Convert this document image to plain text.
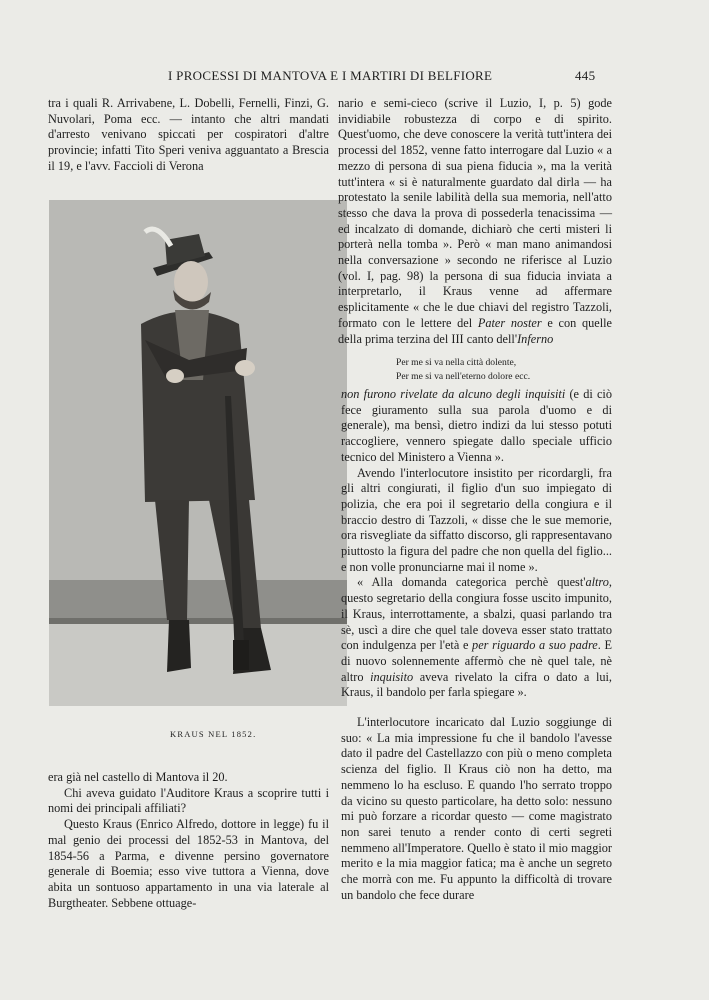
I PROCESSI DI MANTOVA E I MARTIRI DI BELFIORE	445

tra i quali R. Arrivabene, L. Dobelli, Fernelli, Finzi, G. Nuvolari, Poma ecc. — intanto che altri mandati d'arresto venivano spiccati per cospiratori d'altre provincie; infatti Tito Speri veniva agguantato a Brescia il 19, e l'avv. Faccioli di Verona

KRAUS NEL 1852.

era già nel castello di Mantova il 20.

Chi aveva guidato l'Auditore Kraus a scoprire tutti i nomi dei principali affiliati?

Questo Kraus (Enrico Alfredo, dottore in legge) fu il mal genio dei processi del 1852-53 in Mantova, del 1854-56 a Parma, e divenne persino governatore generale di Boemia; esso vive tuttora a Vienna, dove abita un sontuoso appartamento in una via laterale al Burgtheater. Sebbene ottuage-

nario e semi-cieco (scrive il Luzio, I, p. 5) gode invidiabile robustezza di corpo e di spirito. Quest'uomo, che deve conoscere la verità tutt'intera dei processi del 1852, venne fatto interrogare dal Luzio « a mezzo di persona di sua piena fiducia », ma la verità tutt'intera « si è naturalmente guardato dal dirla — ha protestato la senile labilità della sua memoria, nell'atto stesso che dava la prova di possederla tenacissima — ed incalzato di domande, dichiarò che certi misteri li porterà nella tomba ». Però « man mano animandosi nella conversazione » secondo ne riferisce al Luzio (vol. I, pag. 98) la persona di sua fiducia inviata a interpretarlo, il Kraus venne ad affermare esplicitamente « che le due chiavi del registro Tazzoli, formato con le lettere del Pater noster e con quelle della prima terzina del III canto dell'Inferno

Per me si va nella città dolente,
Per me si va nell'eterno dolore ecc.

non furono rivelate da alcuno degli inquisiti (e di ciò fece giuramento sulla sua parola d'uomo e di generale), ma bensì, dietro indizi da lui stesso potuti raccogliere, vennero spiegate dallo speciale ufficio tecnico del Ministero a Vienna ».

Avendo l'interlocutore insistito per ricordargli, fra gli altri congiurati, il figlio d'un suo impiegato di polizia, che era poi il segretario della congiura e il braccio destro di Tazzoli, « disse che le sue memorie, ora risvegliate da siffatto discorso, gli rappresentavano piuttosto la figura del padre che non quella del figlio... e non volle pronunciarne mai il nome ».

« Alla domanda categorica perchè quest'altro, questo segretario della congiura fosse uscito impunito, il Kraus, interrottamente, a sbalzi, quasi parlando tra sè, uscì a dire che quel tale doveva esser stato trattato con indulgenza per l'età e per riguardo a suo padre. E di nuovo solennemente affermò che nè quel tale, nè altro inquisito aveva rivelato la cifra o dato a lui, Kraus, il bandolo per farla spiegare ».

L'interlocutore incaricato dal Luzio soggiunge di suo: « La mia impressione fu che il bandolo l'avesse dato il padre del Castellazzo con più o meno completa scienza del figlio. Il Kraus ciò non ha detto, ma nemmeno lo ha escluso. E quando l'ho serrato troppo da vicino su questo particolare, ha detto solo: nessuno mi può forzare a ricordar questo — come magistrato non sarei tenuto a render conto di certi segreti nemmeno all'Imperatore. Quello è stato il mio maggior merito e la mia maggior fatica; ma è anche un segreto che morrà con me. Fu appunto la difficoltà di trovare un bandolo che fece durare
